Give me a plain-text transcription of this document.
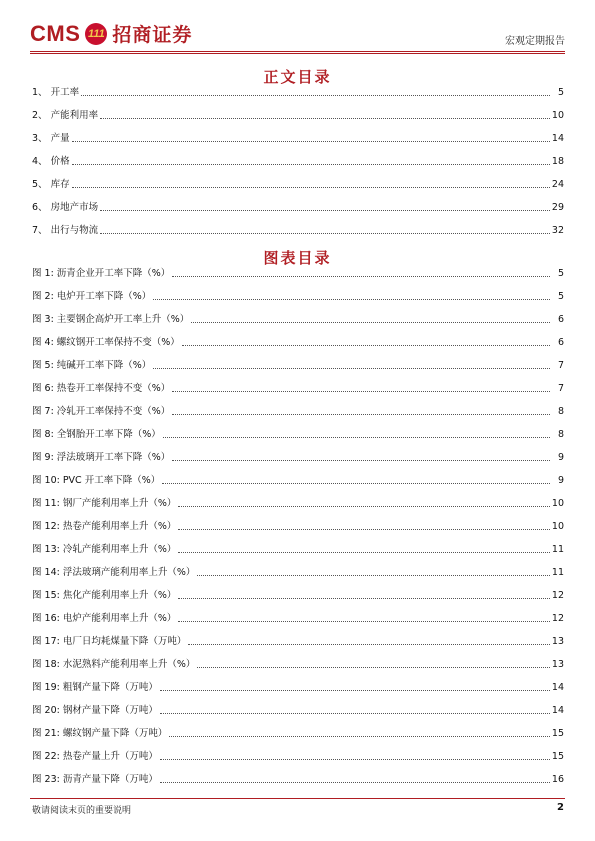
CMS 111 招商证券	宏观定期报告
正文目录
1、 开工率	5
2、 产能利用率	10
3、 产量	14
4、 价格	18
5、 库存	24
6、 房地产市场	29
7、 出行与物流	32
图表目录
图 1: 沥青企业开工率下降（%）	5
图 2: 电炉开工率下降（%）	5
图 3: 主要钢企高炉开工率上升（%）	6
图 4: 螺纹钢开工率保持不变（%）	6
图 5: 纯碱开工率下降（%）	7
图 6: 热卷开工率保持不变（%）	7
图 7: 冷轧开工率保持不变（%）	8
图 8: 全钢胎开工率下降（%）	8
图 9: 浮法玻璃开工率下降（%）	9
图 10: PVC 开工率下降（%）	9
图 11: 钢厂产能利用率上升（%）	10
图 12: 热卷产能利用率上升（%）	10
图 13: 冷轧产能利用率上升（%）	11
图 14: 浮法玻璃产能利用率上升（%）	11
图 15: 焦化产能利用率上升（%）	12
图 16: 电炉产能利用率上升（%）	12
图 17: 电厂日均耗煤量下降（万吨）	13
图 18: 水泥熟料产能利用率上升（%）	13
图 19: 粗钢产量下降（万吨）	14
图 20: 钢材产量下降（万吨）	14
图 21: 螺纹钢产量下降（万吨）	15
图 22: 热卷产量上升（万吨）	15
图 23: 沥青产量下降（万吨）	16
敬请阅读末页的重要说明	2
